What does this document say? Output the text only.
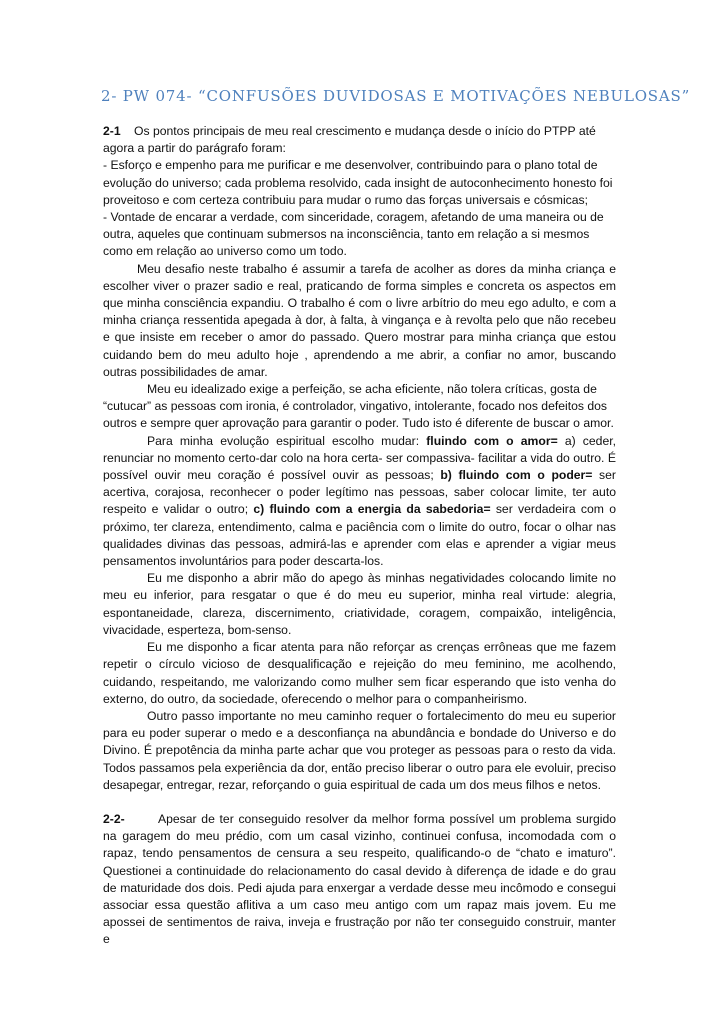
2- PW 074- “CONFUSÕES DUVIDOSAS E MOTIVAÇÕES NEBULOSAS”

2-1 Os pontos principais de meu real crescimento e mudança desde o início do PTPP até agora a partir do parágrafo foram:

- Esforço e empenho para me purificar e me desenvolver, contribuindo para o plano total de evolução do universo; cada problema resolvido, cada insight de autoconhecimento honesto foi proveitoso e com certeza contribuiu para mudar o rumo das forças universais e cósmicas;

- Vontade de encarar a verdade, com sinceridade, coragem, afetando de uma maneira ou de outra, aqueles que continuam submersos na inconsciência, tanto em relação a si mesmos como em relação ao universo como um todo.

Meu desafio neste trabalho é assumir a tarefa de acolher as dores da minha criança e escolher viver o prazer sadio e real, praticando de forma simples e concreta os aspectos em que minha consciência expandiu. O trabalho é com o livre arbítrio do meu ego adulto, e com a minha criança ressentida apegada à dor, à falta, à vingança e à revolta pelo que não recebeu e que insiste em receber o amor do passado. Quero mostrar para minha criança que estou cuidando bem do meu adulto hoje , aprendendo a me abrir, a confiar no amor, buscando outras possibilidades de amar.

Meu eu idealizado exige a perfeição, se acha eficiente, não tolera críticas, gosta de “cutucar” as pessoas com ironia, é controlador, vingativo, intolerante, focado nos defeitos dos outros e sempre quer aprovação para garantir o poder. Tudo isto é diferente de buscar o amor.

Para minha evolução espiritual escolho mudar: fluindo com o amor= a) ceder, renunciar no momento certo-dar colo na hora certa- ser compassiva- facilitar a vida do outro. É possível ouvir meu coração é possível ouvir as pessoas; b) fluindo com o poder= ser acertiva, corajosa, reconhecer o poder legítimo nas pessoas, saber colocar limite, ter auto respeito e validar o outro; c) fluindo com a energia da sabedoria= ser verdadeira com o próximo, ter clareza, entendimento, calma e paciência com o limite do outro, focar o olhar nas qualidades divinas das pessoas, admirá-las e aprender com elas e aprender a vigiar meus pensamentos involuntários para poder descarta-los.

Eu me disponho a abrir mão do apego às minhas negatividades colocando limite no meu eu inferior, para resgatar o que é do meu eu superior, minha real virtude: alegria, espontaneidade, clareza, discernimento, criatividade, coragem, compaixão, inteligência, vivacidade, esperteza, bom-senso.

Eu me disponho a ficar atenta para não reforçar as crenças errôneas que me fazem repetir o círculo vicioso de desqualificação e rejeição do meu feminino, me acolhendo, cuidando, respeitando, me valorizando como mulher sem ficar esperando que isto venha do externo, do outro, da sociedade, oferecendo o melhor para o companheirismo.

Outro passo importante no meu caminho requer o fortalecimento do meu eu superior para eu poder superar o medo e a desconfiança na abundância e bondade do Universo e do Divino. É prepotência da minha parte achar que vou proteger as pessoas para o resto da vida. Todos passamos pela experiência da dor, então preciso liberar o outro para ele evoluir, preciso desapegar, entregar, rezar, reforçando o guia espiritual de cada um dos meus filhos e netos.

2-2-	Apesar de ter conseguido resolver da melhor forma possível um problema surgido na garagem do meu prédio, com um casal vizinho, continuei confusa, incomodada com o rapaz, tendo pensamentos de censura a seu respeito, qualificando-o de “chato e imaturo”. Questionei a continuidade do relacionamento do casal devido à diferença de idade e do grau de maturidade dos dois. Pedi ajuda para enxergar a verdade desse meu incômodo e consegui associar essa questão aflitiva a um caso meu antigo com um rapaz mais jovem. Eu me apossei de sentimentos de raiva, inveja e frustração por não ter conseguido construir, manter e
